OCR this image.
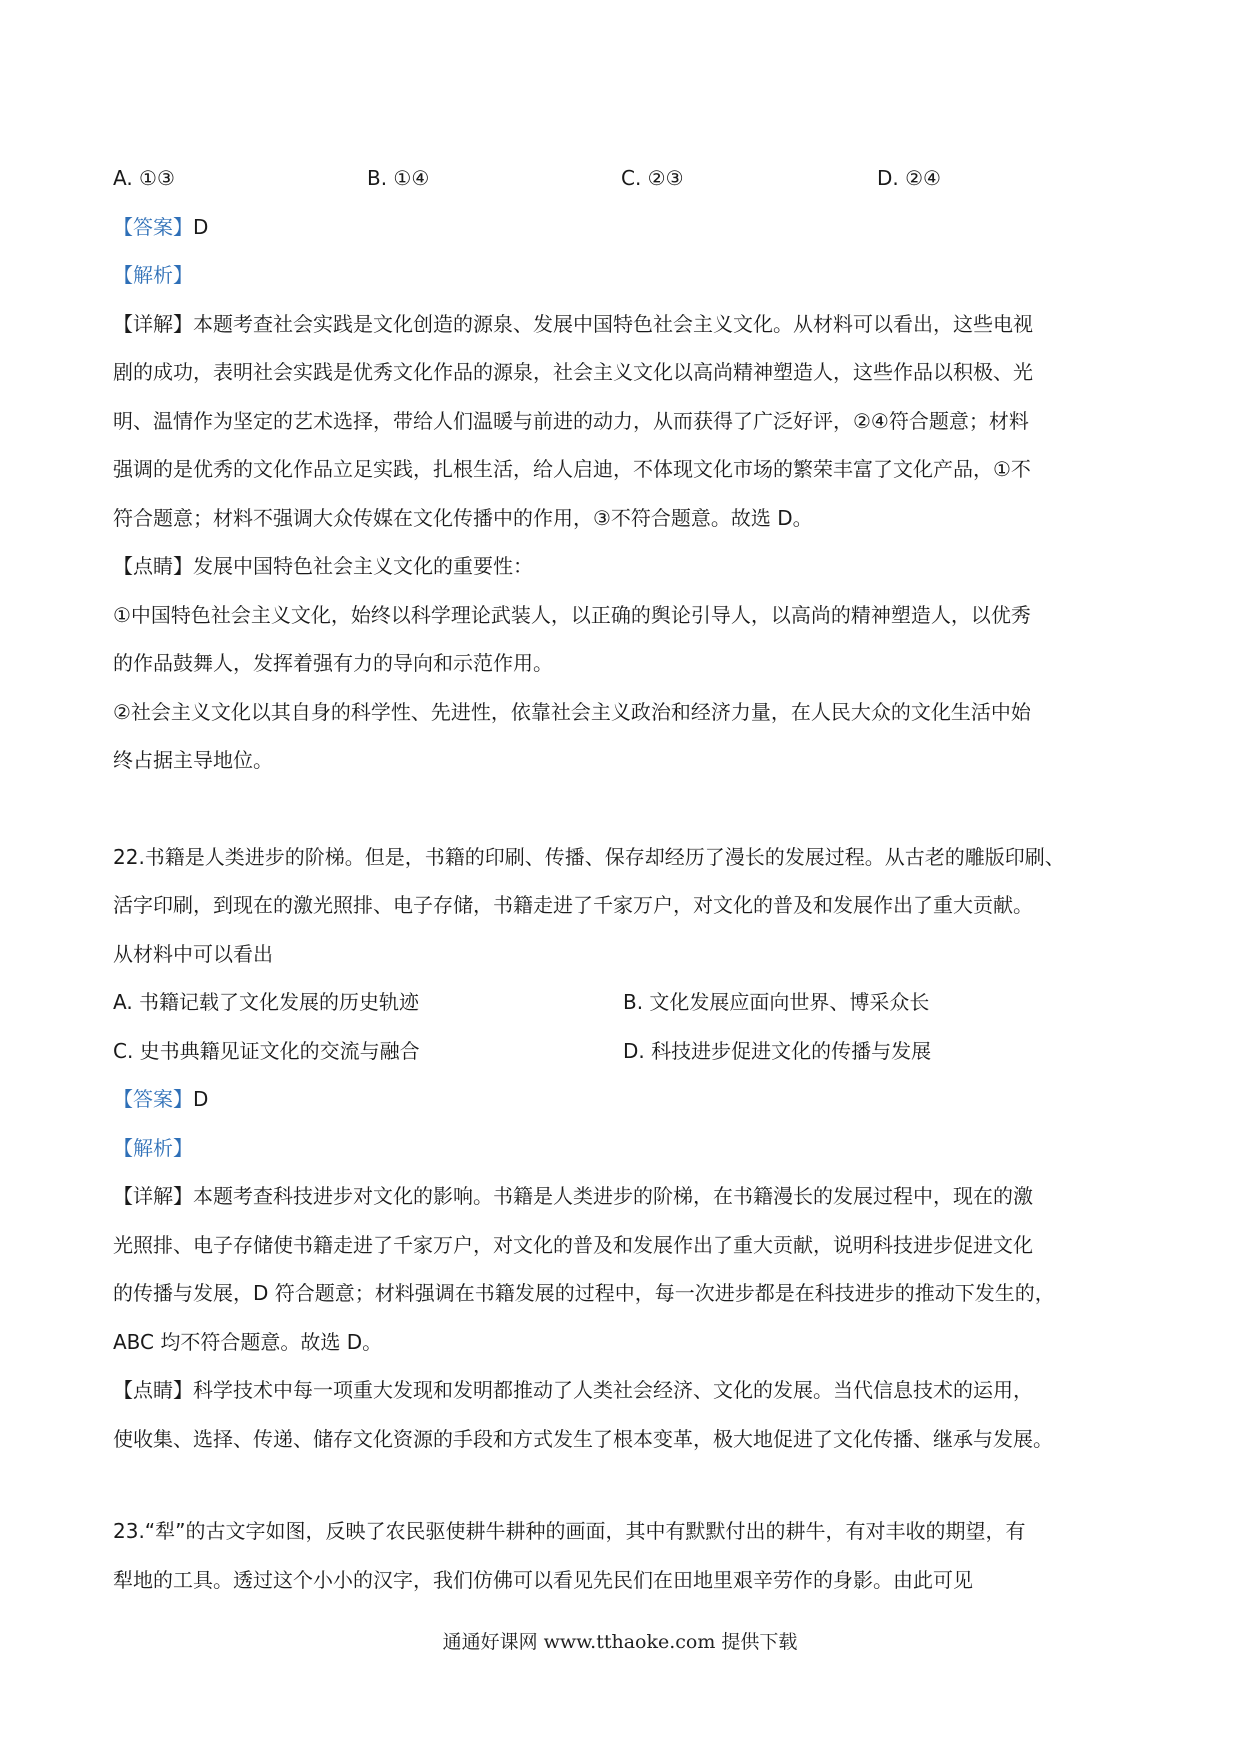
A. ①③	B. ①④	C. ②③	D. ②④
【答案】D
【解析】
【详解】本题考查社会实践是文化创造的源泉、发展中国特色社会主义文化。从材料可以看出，这些电视
剧的成功，表明社会实践是优秀文化作品的源泉，社会主义文化以高尚精神塑造人，这些作品以积极、光
明、温情作为坚定的艺术选择，带给人们温暖与前进的动力，从而获得了广泛好评，②④符合题意；材料
强调的是优秀的文化作品立足实践，扎根生活，给人启迪，不体现文化市场的繁荣丰富了文化产品，①不
符合题意；材料不强调大众传媒在文化传播中的作用，③不符合题意。故选 D。
【点睛】发展中国特色社会主义文化的重要性：
①中国特色社会主义文化，始终以科学理论武装人，以正确的舆论引导人，以高尚的精神塑造人，以优秀
的作品鼓舞人，发挥着强有力的导向和示范作用。
②社会主义文化以其自身的科学性、先进性，依靠社会主义政治和经济力量，在人民大众的文化生活中始
终占据主导地位。
22.书籍是人类进步的阶梯。但是，书籍的印刷、传播、保存却经历了漫长的发展过程。从古老的雕版印刷、
活字印刷，到现在的激光照排、电子存储，书籍走进了千家万户，对文化的普及和发展作出了重大贡献。
从材料中可以看出
A. 书籍记载了文化发展的历史轨迹	B. 文化发展应面向世界、博采众长
C. 史书典籍见证文化的交流与融合	D. 科技进步促进文化的传播与发展
【答案】D
【解析】
【详解】本题考查科技进步对文化的影响。书籍是人类进步的阶梯，在书籍漫长的发展过程中，现在的激
光照排、电子存储使书籍走进了千家万户，对文化的普及和发展作出了重大贡献，说明科技进步促进文化
的传播与发展，D 符合题意；材料强调在书籍发展的过程中，每一次进步都是在科技进步的推动下发生的，
ABC 均不符合题意。故选 D。
【点睛】科学技术中每一项重大发现和发明都推动了人类社会经济、文化的发展。当代信息技术的运用，
使收集、选择、传递、储存文化资源的手段和方式发生了根本变革，极大地促进了文化传播、继承与发展。
23.“犁”的古文字如图，反映了农民驱使耕牛耕种的画面，其中有默默付出的耕牛，有对丰收的期望，有
犁地的工具。透过这个小小的汉字，我们仿佛可以看见先民们在田地里艰辛劳作的身影。由此可见
通通好课网 www.tthaoke.com 提供下载
